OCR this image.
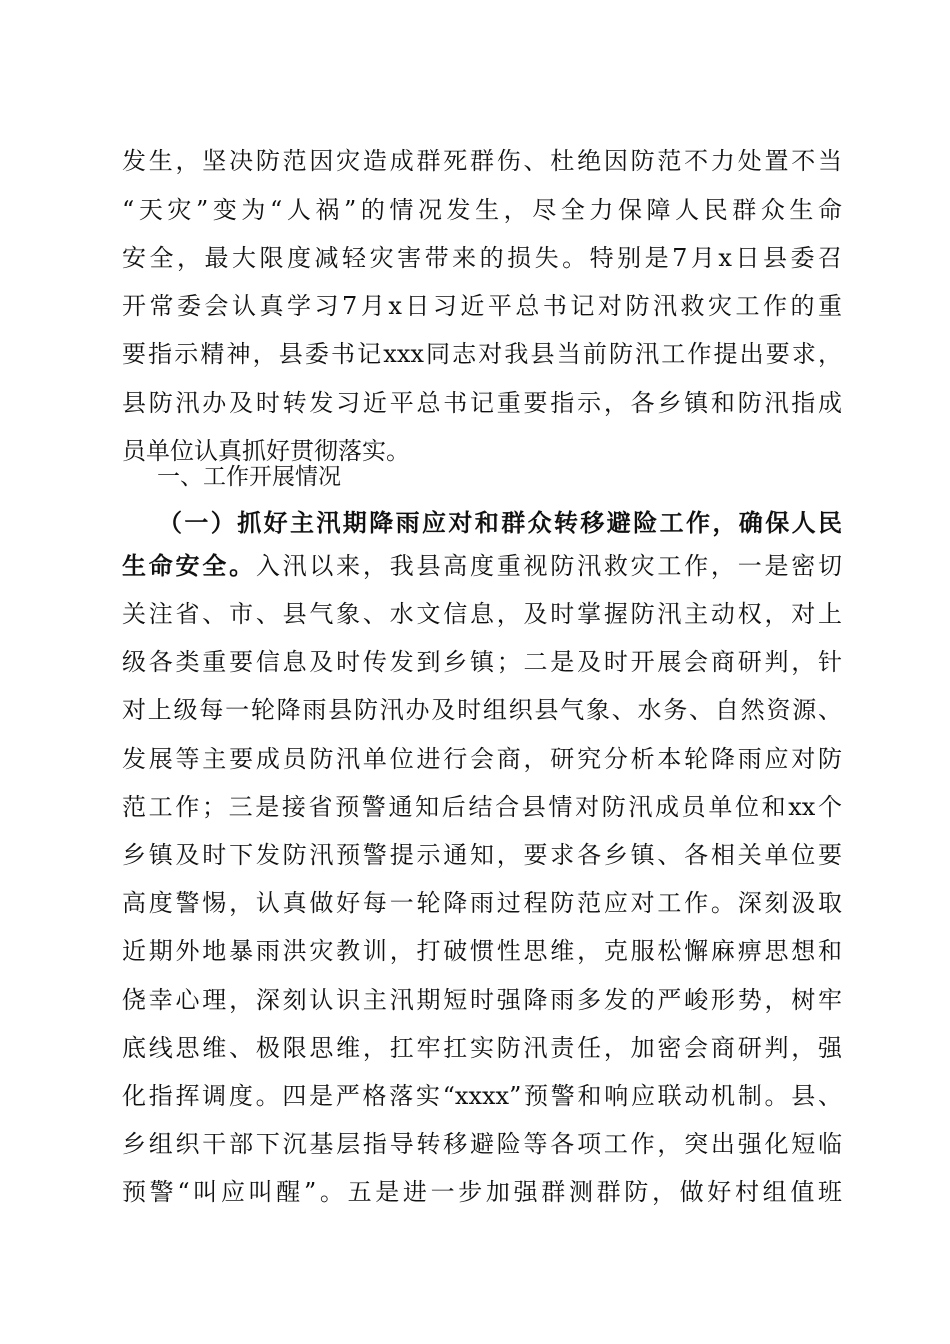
发生，坚决防范因灾造成群死群伤、杜绝因防范不力处置不当
“天灾”变为“人祸”的情况发生，尽全力保障人民群众生命
安全，最大限度减轻灾害带来的损失。特别是7月x日县委召
开常委会认真学习7月x日习近平总书记对防汛救灾工作的重
要指示精神，县委书记xxx同志对我县当前防汛工作提出要求，
县防汛办及时转发习近平总书记重要指示，各乡镇和防汛指成
员单位认真抓好贯彻落实。
一、工作开展情况
（一）抓好主汛期降雨应对和群众转移避险工作，确保人民
生命安全。入汛以来，我县高度重视防汛救灾工作，一是密切
关注省、市、县气象、水文信息，及时掌握防汛主动权，对上
级各类重要信息及时传发到乡镇；二是及时开展会商研判，针
对上级每一轮降雨县防汛办及时组织县气象、水务、自然资源、
发展等主要成员防汛单位进行会商，研究分析本轮降雨应对防
范工作；三是接省预警通知后结合县情对防汛成员单位和xx个
乡镇及时下发防汛预警提示通知，要求各乡镇、各相关单位要
高度警惕，认真做好每一轮降雨过程防范应对工作。深刻汲取
近期外地暴雨洪灾教训，打破惯性思维，克服松懈麻痹思想和
侥幸心理，深刻认识主汛期短时强降雨多发的严峻形势，树牢
底线思维、极限思维，扛牢扛实防汛责任，加密会商研判，强
化指挥调度。四是严格落实“xxxx”预警和响应联动机制。县、
乡组织干部下沉基层指导转移避险等各项工作，突出强化短临
预警“叫应叫醒”。五是进一步加强群测群防，做好村组值班
